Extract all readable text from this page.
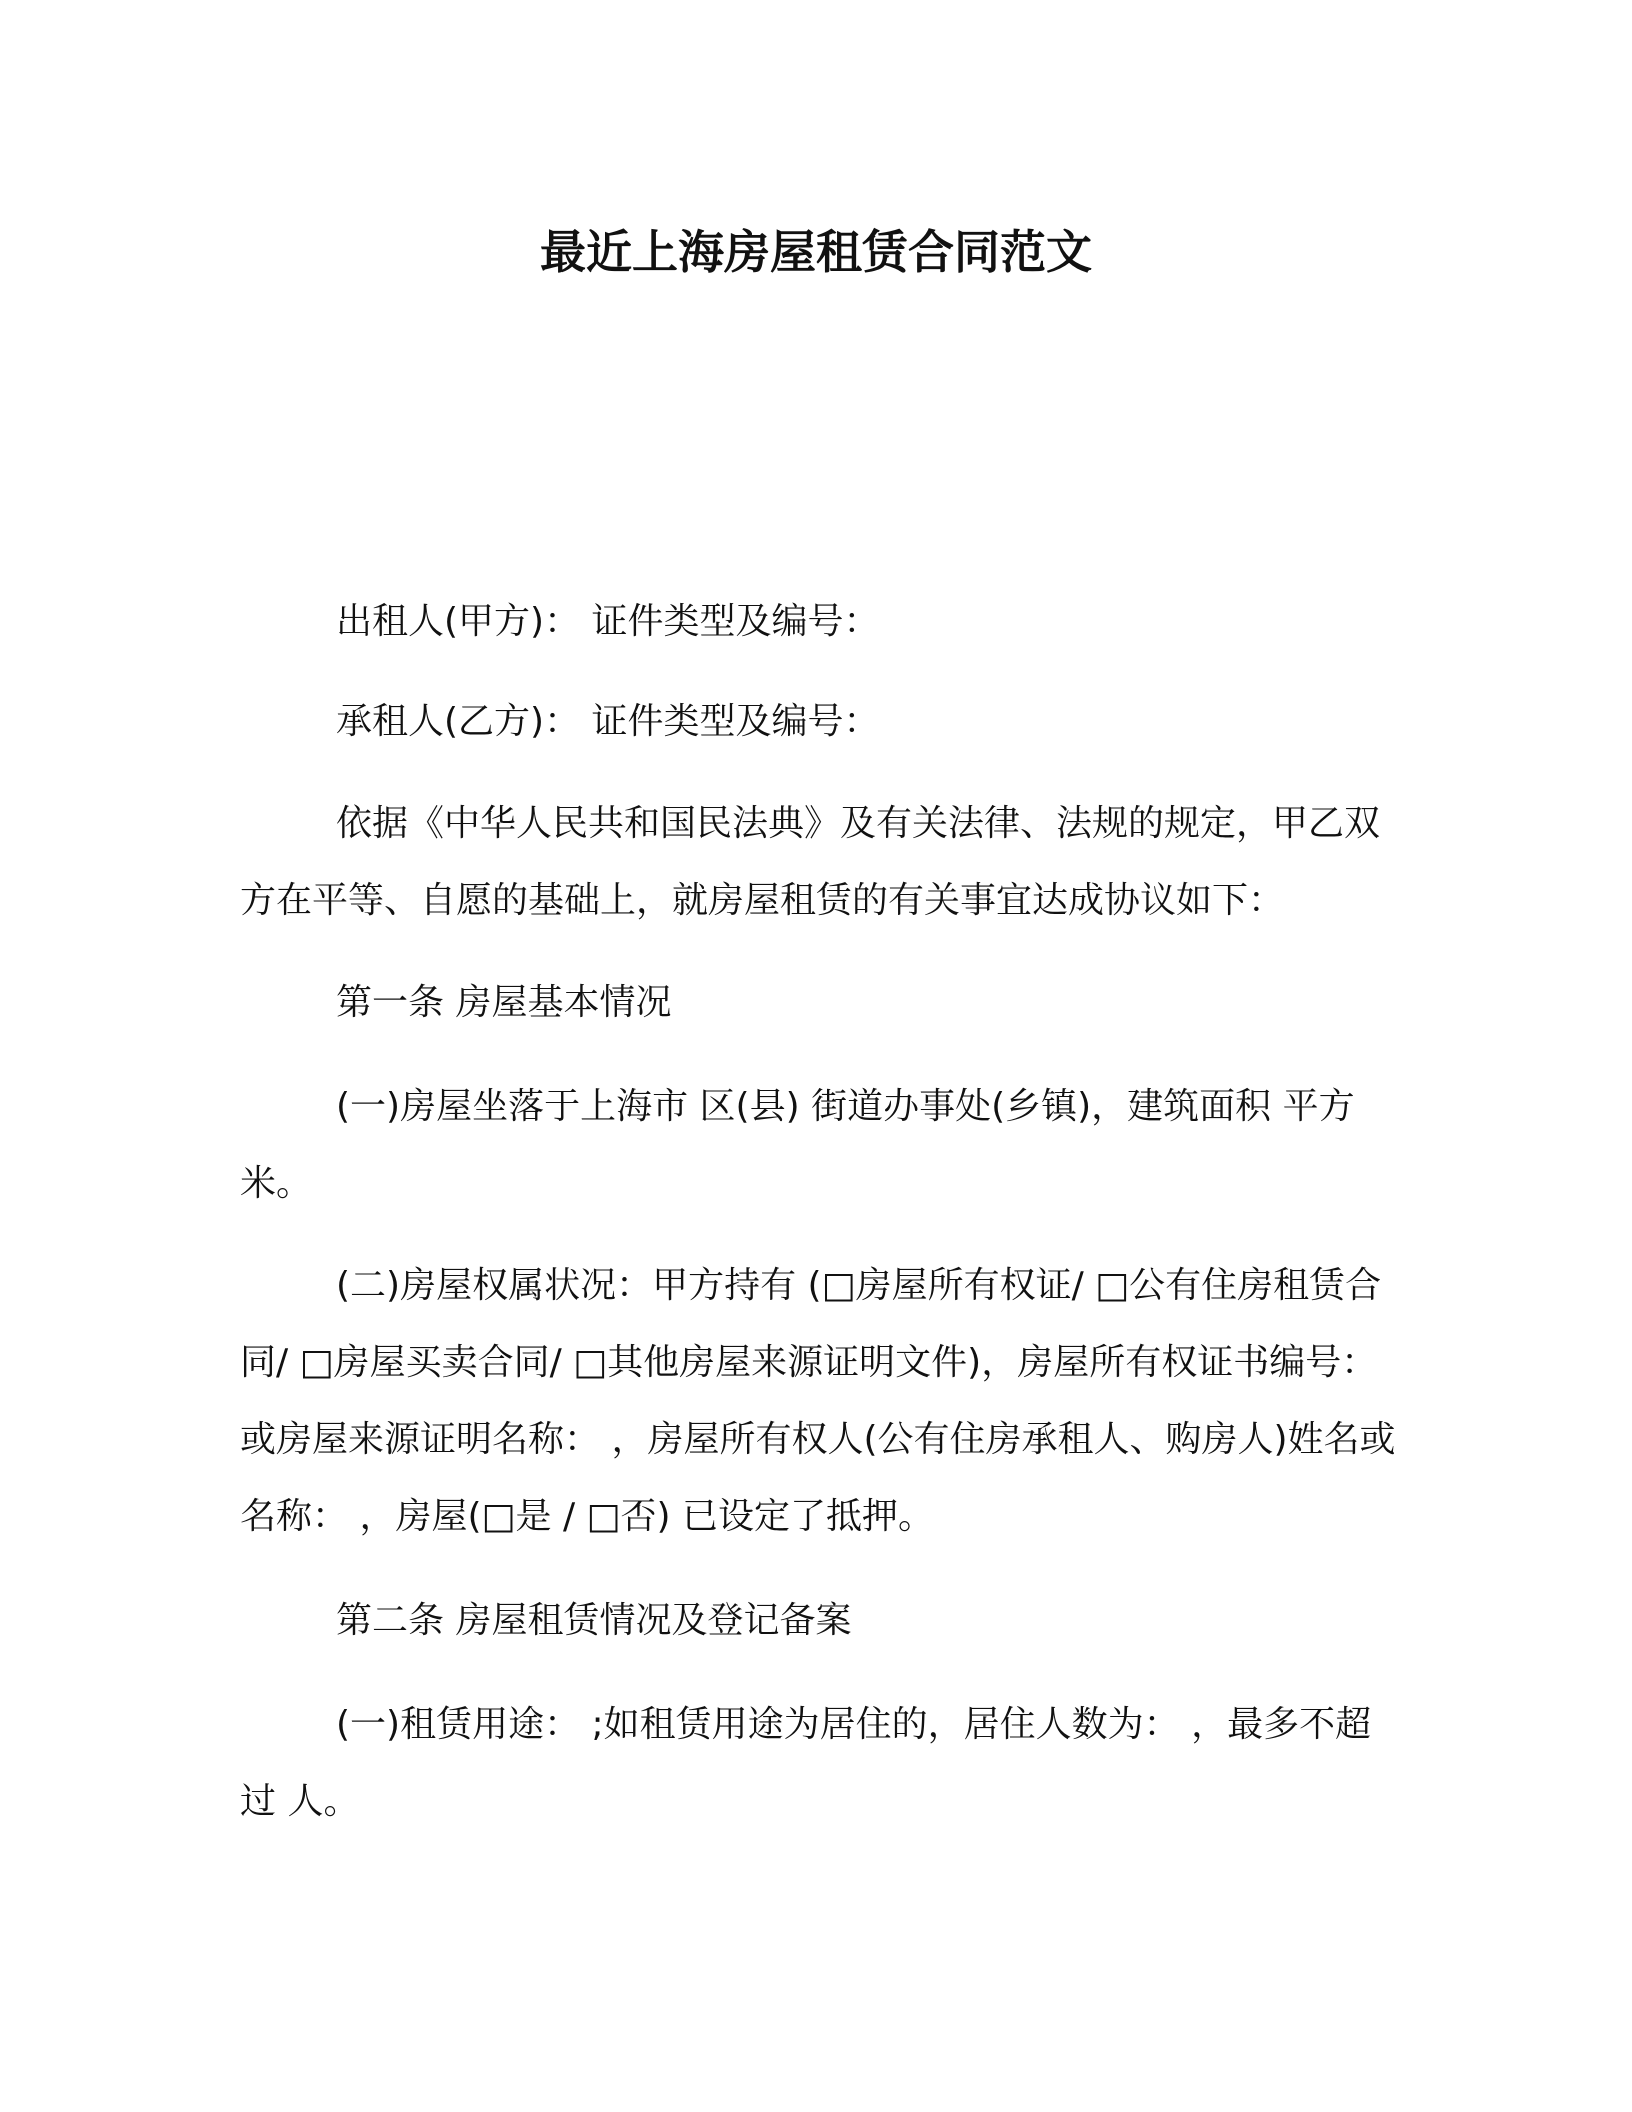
最近上海房屋租赁合同范文

出租人(甲方)： 证件类型及编号：

承租人(乙方)： 证件类型及编号：

依据《中华人民共和国民法典》及有关法律、法规的规定，甲乙双方在平等、自愿的基础上，就房屋租赁的有关事宜达成协议如下：

第一条 房屋基本情况

(一)房屋坐落于上海市 区(县) 街道办事处(乡镇)，建筑面积 平方米。

(二)房屋权属状况：甲方持有 (□房屋所有权证/ □公有住房租赁合同/ □房屋买卖合同/ □其他房屋来源证明文件)，房屋所有权证书编号： 或房屋来源证明名称： ，房屋所有权人(公有住房承租人、购房人)姓名或名称： ，房屋(□是 / □否) 已设定了抵押。

第二条 房屋租赁情况及登记备案

(一)租赁用途： ;如租赁用途为居住的，居住人数为： ，最多不超过 人。
